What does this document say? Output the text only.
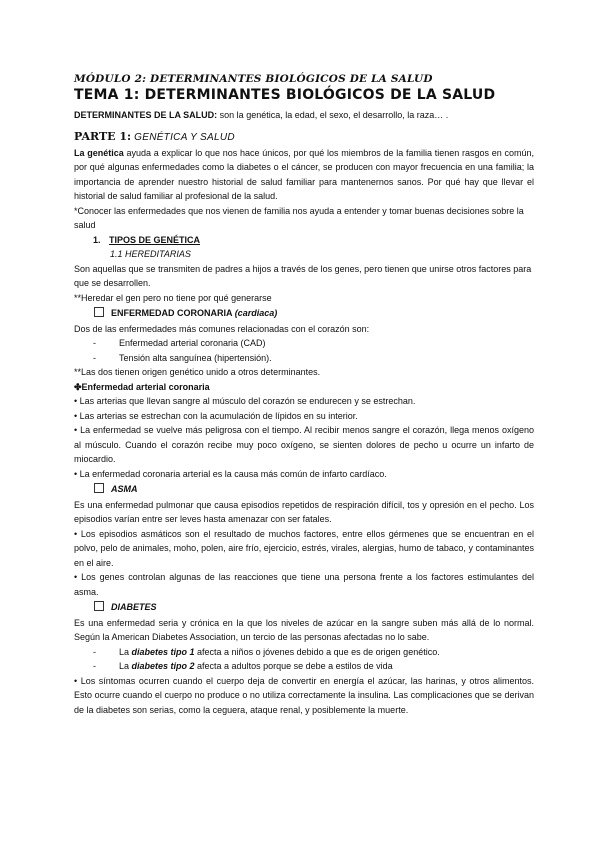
MÓDULO 2: DETERMINANTES BIOLÓGICOS DE LA SALUD
TEMA 1: DETERMINANTES BIOLÓGICOS DE LA SALUD

DETERMINANTES DE LA SALUD: son la genética, la edad, el sexo, el desarrollo, la raza… .

PARTE 1: GENÉTICA Y SALUD

La genética ayuda a explicar lo que nos hace únicos, por qué los miembros de la familia tienen rasgos en común, por qué algunas enfermedades como la diabetes o el cáncer, se producen con mayor frecuencia en una familia; la importancia de aprender nuestro historial de salud familiar para mantenernos sanos. Por qué hay que llevar el historial de salud familiar al profesional de la salud.

*Conocer las enfermedades que nos vienen de familia nos ayuda a entender y tomar buenas decisiones sobre la salud

1. TIPOS DE GENÉTICA

1.1 HEREDITARIAS

Son aquellas que se transmiten de padres a hijos a través de los genes, pero tienen que unirse otros factores para que se desarrollen.

**Heredar el gen pero no tiene por qué generarse

ENFERMEDAD CORONARIA (cardiaca)

Dos de las enfermedades más comunes relacionadas con el corazón son:

-	Enfermedad arterial coronaria (CAD)

-	Tensión alta sanguínea (hipertensión).

**Las dos tienen origen genético unido a otros determinantes.

✤Enfermedad arterial coronaria

• Las arterias que llevan sangre al músculo del corazón se endurecen y se estrechan.

• Las arterias se estrechan con la acumulación de lípidos en su interior.

• La enfermedad se vuelve más peligrosa con el tiempo. Al recibir menos sangre el corazón, llega menos oxígeno al músculo. Cuando el corazón recibe muy poco oxígeno, se sienten dolores de pecho u ocurre un infarto de miocardio.

• La enfermedad coronaria arterial es la causa más común de infarto cardíaco.

ASMA

Es una enfermedad pulmonar que causa episodios repetidos de respiración difícil, tos y opresión en el pecho. Los episodios varían entre ser leves hasta amenazar con ser fatales.

• Los episodios asmáticos son el resultado de muchos factores, entre ellos gérmenes que se encuentran en el polvo, pelo de animales, moho, polen, aire frío, ejercicio, estrés, virales, alergias, humo de tabaco, y contaminantes en el aire.

• Los genes controlan algunas de las reacciones que tiene una persona frente a los factores estimulantes del asma.

DIABETES

Es una enfermedad seria y crónica en la que los niveles de azúcar en la sangre suben más allá de lo normal. Según la American Diabetes Association, un tercio de las personas afectadas no lo sabe.

-	La diabetes tipo 1 afecta a niños o jóvenes debido a que es de origen genético.

-	La diabetes tipo 2 afecta a adultos porque se debe a estilos de vida

• Los síntomas ocurren cuando el cuerpo deja de convertir en energía el azúcar, las harinas, y otros alimentos. Esto ocurre cuando el cuerpo no produce o no utiliza correctamente la insulina. Las complicaciones que se derivan de la diabetes son serias, como la ceguera, ataque renal, y posiblemente la muerte.
